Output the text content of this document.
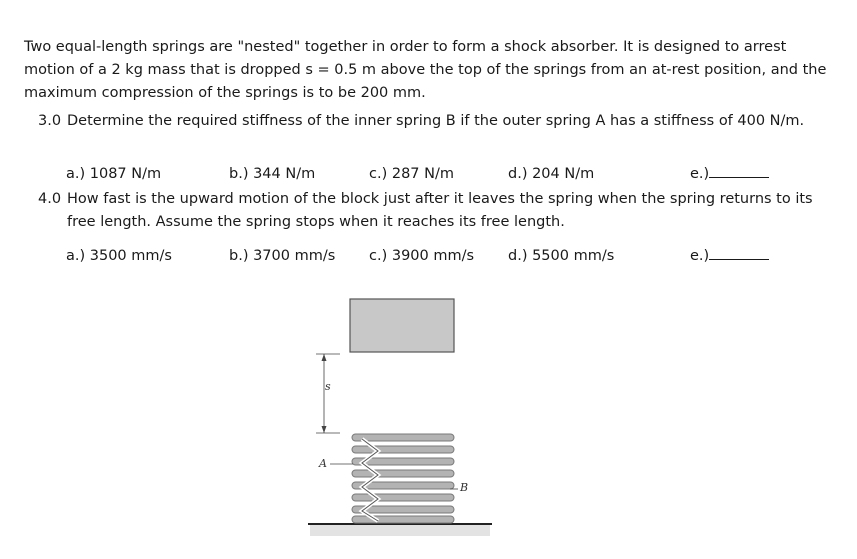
Two equal-length springs are "nested" together in order to form a shock absorber. It is designed to arrest motion of a 2 kg mass that is dropped s = 0.5 m above the top of the springs from an at-rest position, and the maximum compression of the springs is to be 200 mm.

3.0 Determine the required stiffness of the inner spring B if the outer spring A has a stiffness of 400 N/m.
a.) 1087 N/m	b.) 344 N/m	c.) 287 N/m	d.) 204 N/m	e.)
4.0 How fast is the upward motion of the block just after it leaves the spring when the spring returns to its free length. Assume the spring stops when it reaches its free length.
a.) 3500 mm/s	b.) 3700 mm/s c.) 3900 mm/s d.) 5500 mm/s	e.)
s
A
B
